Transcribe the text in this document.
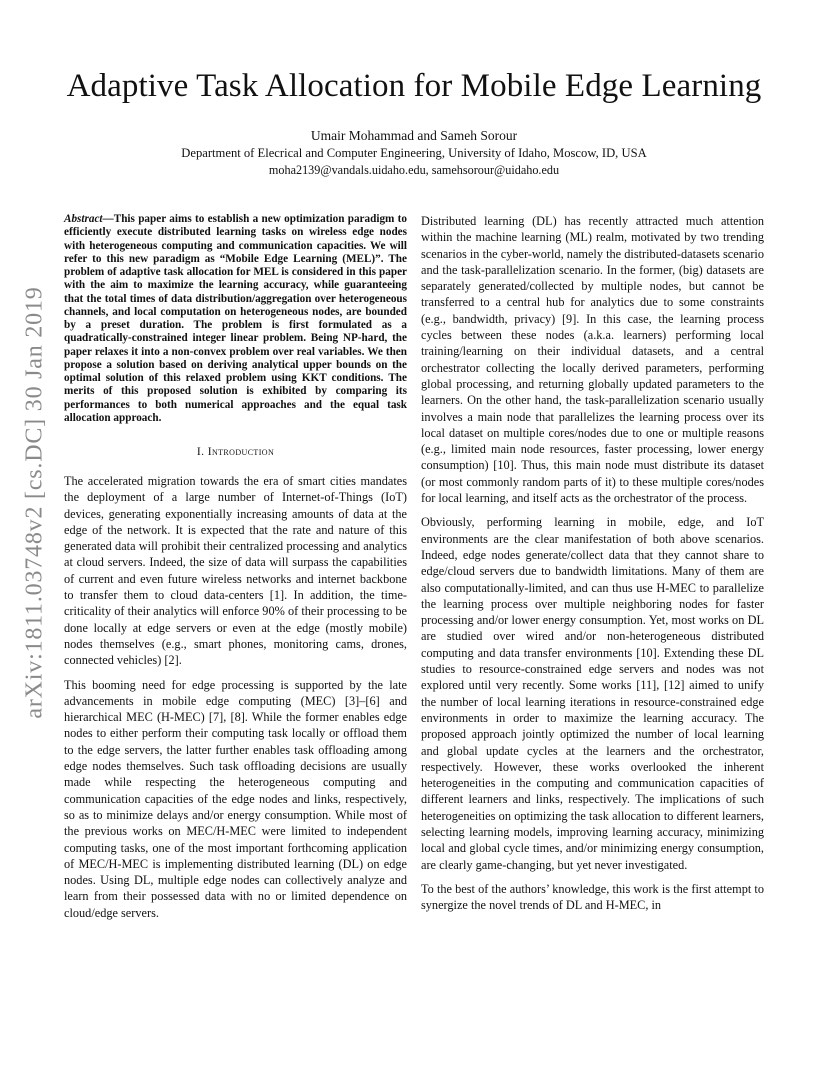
arXiv:1811.03748v2 [cs.DC] 30 Jan 2019
Adaptive Task Allocation for Mobile Edge Learning
Umair Mohammad and Sameh Sorour
Department of Elecrical and Computer Engineering, University of Idaho, Moscow, ID, USA
moha2139@vandals.uidaho.edu, samehsorour@uidaho.edu

Abstract—This paper aims to establish a new optimization paradigm to efficiently execute distributed learning tasks on wireless edge nodes with heterogeneous computing and communication capacities. We will refer to this new paradigm as “Mobile Edge Learning (MEL)”. The problem of adaptive task allocation for MEL is considered in this paper with the aim to maximize the learning accuracy, while guaranteeing that the total times of data distribution/aggregation over heterogeneous channels, and local computation on heterogeneous nodes, are bounded by a preset duration. The problem is first formulated as a quadratically-constrained integer linear problem. Being NP-hard, the paper relaxes it into a non-convex problem over real variables. We then propose a solution based on deriving analytical upper bounds on the optimal solution of this relaxed problem using KKT conditions. The merits of this proposed solution is exhibited by comparing its performances to both numerical approaches and the equal task allocation approach.

I. Introduction

The accelerated migration towards the era of smart cities mandates the deployment of a large number of Internet-of-Things (IoT) devices, generating exponentially increasing amounts of data at the edge of the network. It is expected that the rate and nature of this generated data will prohibit their centralized processing and analytics at cloud servers. Indeed, the size of data will surpass the capabilities of current and even future wireless networks and internet backbone to transfer them to cloud data-centers [1]. In addition, the time-criticality of their analytics will enforce 90% of their processing to be done locally at edge servers or even at the edge (mostly mobile) nodes themselves (e.g., smart phones, monitoring cams, drones, connected vehicles) [2].

This booming need for edge processing is supported by the late advancements in mobile edge computing (MEC) [3]–[6] and hierarchical MEC (H-MEC) [7], [8]. While the former enables edge nodes to either perform their computing task locally or offload them to the edge servers, the latter further enables task offloading among edge nodes themselves. Such task offloading decisions are usually made while respecting the heterogeneous computing and communication capacities of the edge nodes and links, respectively, so as to minimize delays and/or energy consumption. While most of the previous works on MEC/H-MEC were limited to independent computing tasks, one of the most important forthcoming application of MEC/H-MEC is implementing distributed learning (DL) on edge nodes. Using DL, multiple edge nodes can collectively analyze and learn from their possessed data with no or limited dependence on cloud/edge servers.

Distributed learning (DL) has recently attracted much attention within the machine learning (ML) realm, motivated by two trending scenarios in the cyber-world, namely the distributed-datasets scenario and the task-parallelization scenario. In the former, (big) datasets are separately generated/collected by multiple nodes, but cannot be transferred to a central hub for analytics due to some constraints (e.g., bandwidth, privacy) [9]. In this case, the learning process cycles between these nodes (a.k.a. learners) performing local training/learning on their individual datasets, and a central orchestrator collecting the locally derived parameters, performing global processing, and returning globally updated parameters to the learners. On the other hand, the task-parallelization scenario usually involves a main node that parallelizes the learning process over its local dataset on multiple cores/nodes due to one or multiple reasons (e.g., limited main node resources, faster processing, lower energy consumption) [10]. Thus, this main node must distribute its dataset (or most commonly random parts of it) to these multiple cores/nodes for local learning, and itself acts as the orchestrator of the process.

Obviously, performing learning in mobile, edge, and IoT environments are the clear manifestation of both above scenarios. Indeed, edge nodes generate/collect data that they cannot share to edge/cloud servers due to bandwidth limitations. Many of them are also computationally-limited, and can thus use H-MEC to parallelize the learning process over multiple neighboring nodes for faster processing and/or lower energy consumption. Yet, most works on DL are studied over wired and/or non-heterogeneous distributed computing and data transfer environments [10]. Extending these DL studies to resource-constrained edge servers and nodes was not explored until very recently. Some works [11], [12] aimed to unify the number of local learning iterations in resource-constrained edge environments in order to maximize the learning accuracy. The proposed approach jointly optimized the number of local learning and global update cycles at the learners and the orchestrator, respectively. However, these works overlooked the inherent heterogeneities in the computing and communication capacities of different learners and links, respectively. The implications of such heterogeneities on optimizing the task allocation to different learners, selecting learning models, improving learning accuracy, minimizing local and global cycle times, and/or minimizing energy consumption, are clearly game-changing, but yet never investigated.

To the best of the authors’ knowledge, this work is the first attempt to synergize the novel trends of DL and H-MEC, in
